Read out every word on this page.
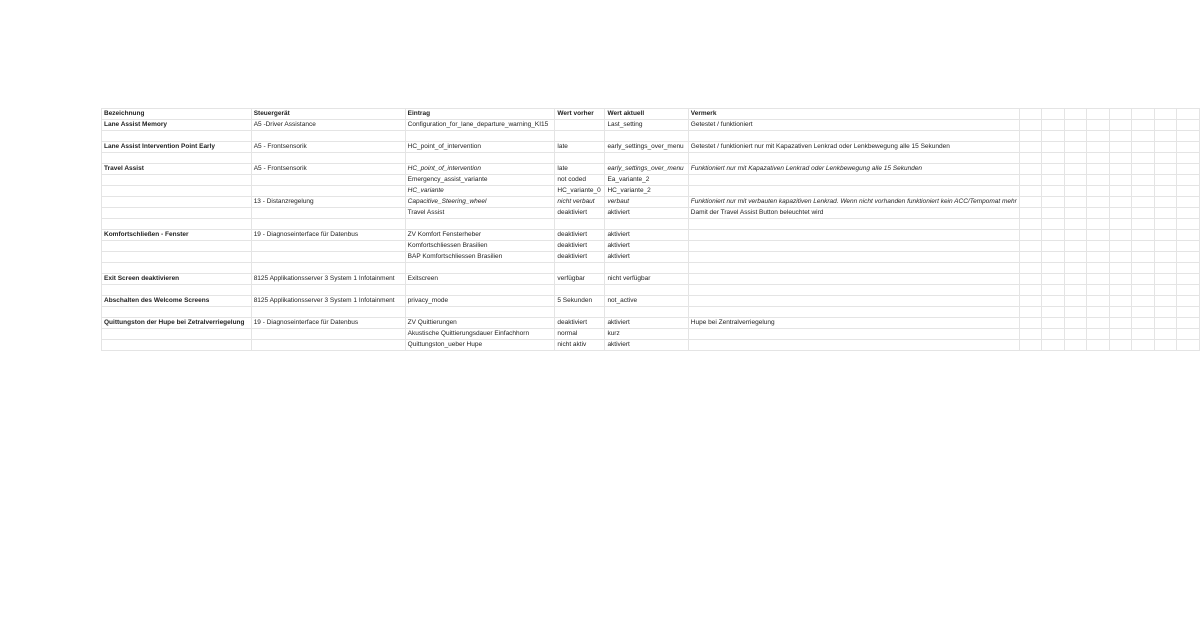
Bezeichnung	Steuergerät	Eintrag	Wert vorher	Wert aktuell	Vermerk								
Lane Assist Memory	A5 -Driver Assistance	Configuration_for_lane_departure_warning_KI15		Last_setting	Getestet / funktioniert								

Lane Assist Intervention Point Early	A5 - Frontsensorik	HC_point_of_intervention	late	early_settings_over_menu	Getestet / funktioniert nur mit Kapazativen Lenkrad oder Lenkbewegung alle 15 Sekunden								

Travel Assist	A5 - Frontsensorik	HC_point_of_intervention	late	early_settings_over_menu	Funktioniert nur mit Kapazativen Lenkrad oder Lenkbewegung alle 15 Sekunden								
		Emergency_assist_variante	not coded	Ea_variante_2									
		HC_variante	HC_variante_0	HC_variante_2									
	13 - Distanzregelung	Capacitive_Steering_wheel	nicht verbaut	verbaut	Funktioniert nur mit verbauten kapazitiven Lenkrad. Wenn nicht vorhanden funktioniert kein ACC/Tempomat mehr								
		Travel Assist	deaktiviert	aktiviert	Damit der Travel Assist Button beleuchtet wird								

Komfortschließen - Fenster	19 - Diagnoseinterface für Datenbus	ZV Komfort Fensterheber	deaktiviert	aktiviert									
		Komfortschliessen Brasilien	deaktiviert	aktiviert									
		BAP Komfortschliessen Brasilien	deaktiviert	aktiviert									

Exit Screen deaktivieren	8125 Applikationsserver 3 System 1 Infotainment	Exitscreen	verfügbar	nicht verfügbar									

Abschalten des Welcome Screens	8125 Applikationsserver 3 System 1 Infotainment	privacy_mode	5 Sekunden	not_active									

Quittungston der Hupe bei Zetralverriegelung	19 - Diagnoseinterface für Datenbus	ZV Quittierungen	deaktiviert	aktiviert	Hupe bei Zentralverriegelung								
		Akustische Quittierungsdauer Einfachhorn	normal	kurz									
		Quittungston_ueber Hupe	nicht aktiv	aktiviert									
